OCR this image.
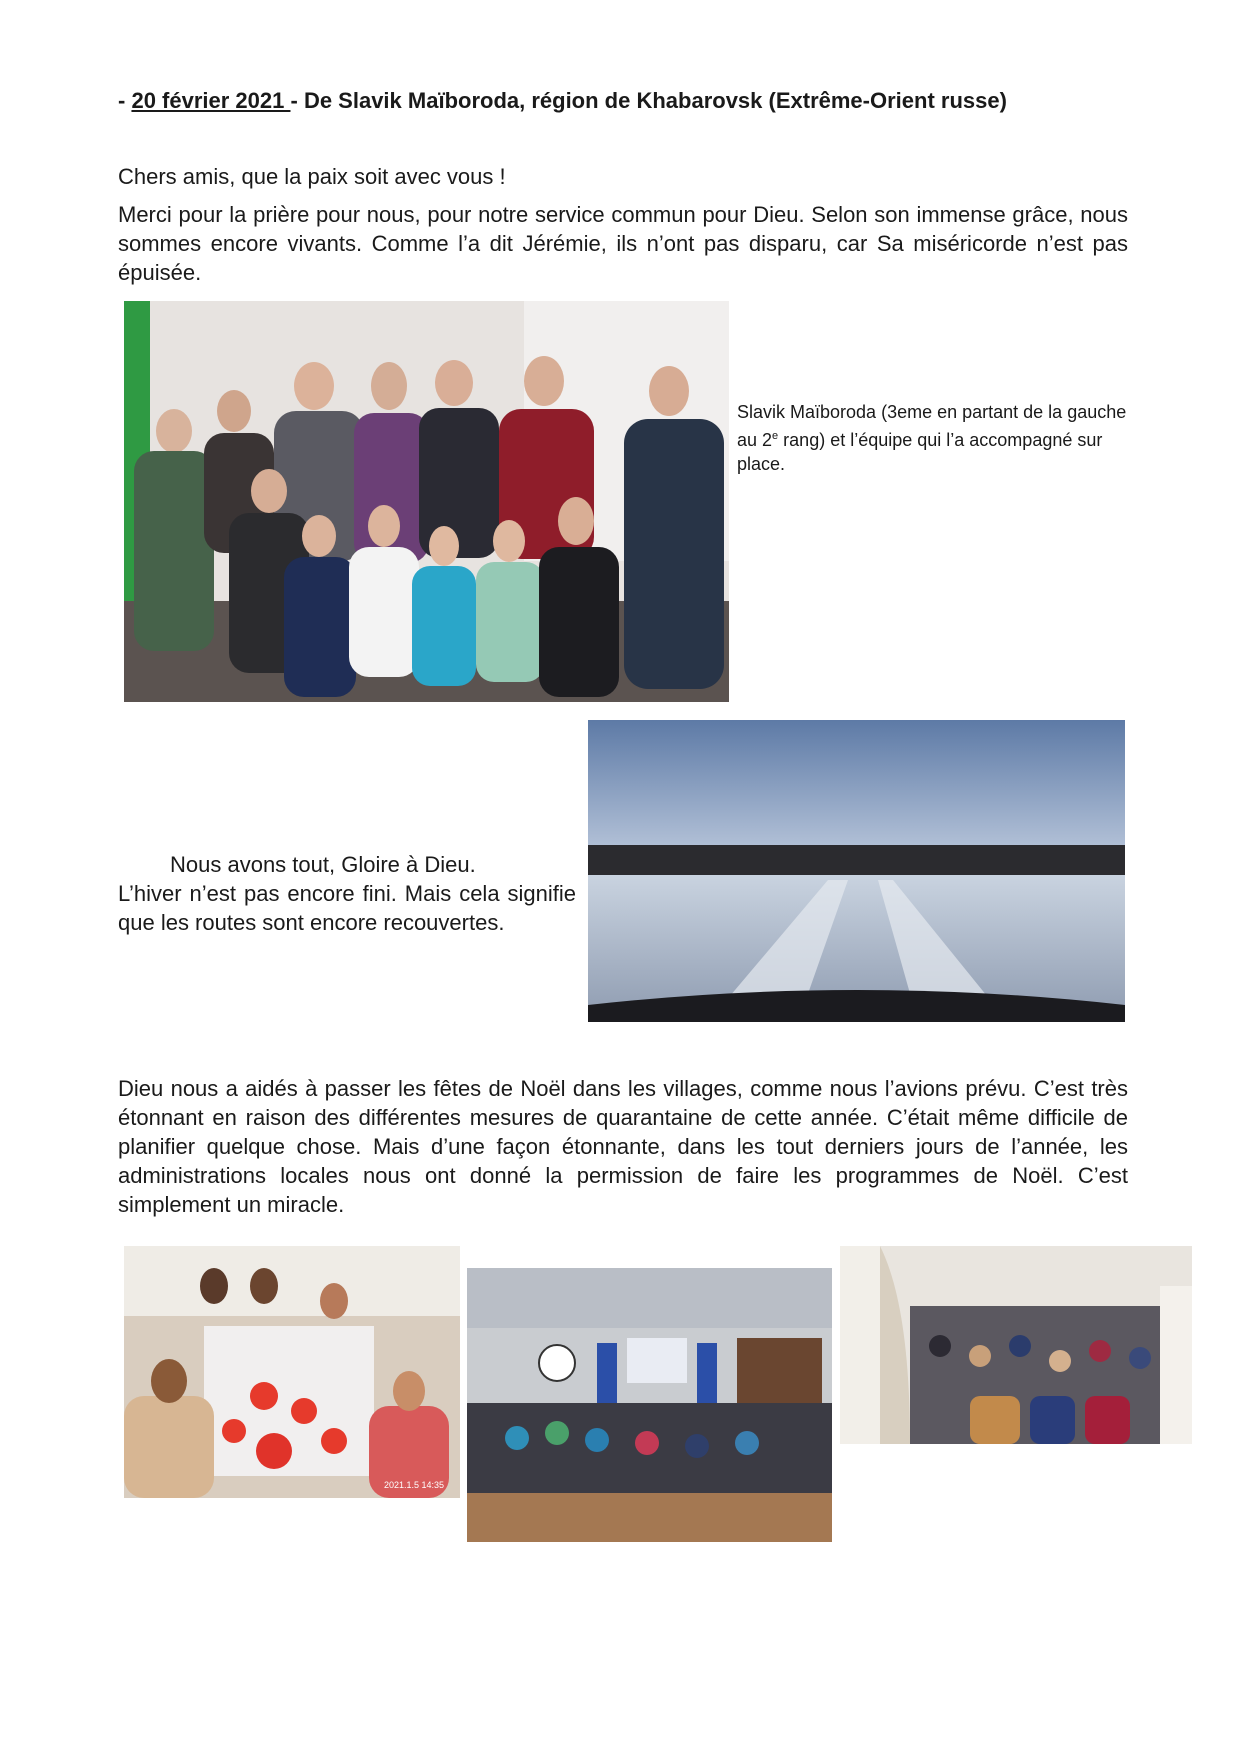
- 20 février 2021 - De Slavik Maïboroda, région de Khabarovsk (Extrême-Orient russe)
Chers amis, que la paix soit avec vous !
Merci pour la prière pour nous, pour notre service commun pour Dieu. Selon son immense grâce, nous sommes encore vivants. Comme l’a dit Jérémie, ils n’ont pas disparu, car Sa miséricorde n’est pas épuisée.
Slavik Maïboroda (3eme en partant de la gauche au 2e rang) et l’équipe qui l’a accompagné sur place.
Nous avons tout, Gloire à Dieu.
L’hiver n’est pas encore fini. Mais cela signifie que les routes sont encore recouvertes.
Dieu nous a aidés à passer les fêtes de Noël dans les villages, comme nous l’avions prévu. C’est très étonnant en raison des différentes mesures de quarantaine de cette année. C’était même difficile de planifier quelque chose. Mais d’une façon étonnante, dans les tout derniers jours de l’année, les administrations locales nous ont donné la permission de faire les programmes de Noël. C’est simplement un miracle.
2021.1.5 14:35
